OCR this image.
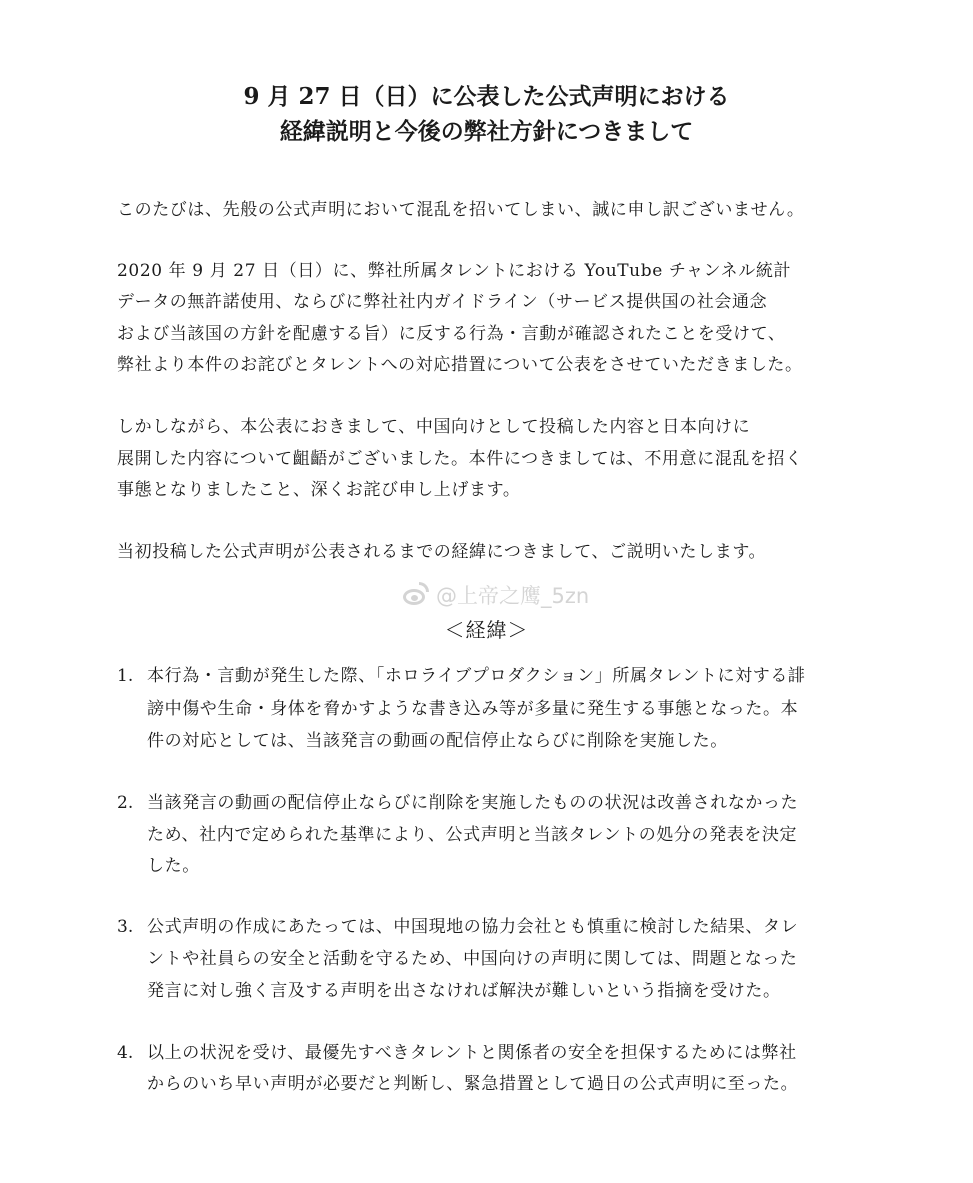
9 月 27 日（日）に公表した公式声明における
経緯説明と今後の弊社方針につきまして
このたびは、先般の公式声明において混乱を招いてしまい、誠に申し訳ございません。
2020 年 9 月 27 日（日）に、弊社所属タレントにおける YouTube チャンネル統計
データの無許諾使用、ならびに弊社社内ガイドライン（サービス提供国の社会通念
および当該国の方針を配慮する旨）に反する行為・言動が確認されたことを受けて、
弊社より本件のお詫びとタレントへの対応措置について公表をさせていただきました。
しかしながら、本公表におきまして、中国向けとして投稿した内容と日本向けに
展開した内容について齟齬がございました。本件につきましては、不用意に混乱を招く
事態となりましたこと、深くお詫び申し上げます。
当初投稿した公式声明が公表されるまでの経緯につきまして、ご説明いたします。
@上帝之鹰_5zn
＜経緯＞
1. 本行為・言動が発生した際、「ホロライブプロダクション」所属タレントに対する誹
謗中傷や生命・身体を脅かすような書き込み等が多量に発生する事態となった。本
件の対応としては、当該発言の動画の配信停止ならびに削除を実施した。
2. 当該発言の動画の配信停止ならびに削除を実施したものの状況は改善されなかった
ため、社内で定められた基準により、公式声明と当該タレントの処分の発表を決定
した。
3. 公式声明の作成にあたっては、中国現地の協力会社とも慎重に検討した結果、タレ
ントや社員らの安全と活動を守るため、中国向けの声明に関しては、問題となった
発言に対し強く言及する声明を出さなければ解決が難しいという指摘を受けた。
4. 以上の状況を受け、最優先すべきタレントと関係者の安全を担保するためには弊社
からのいち早い声明が必要だと判断し、緊急措置として過日の公式声明に至った。
